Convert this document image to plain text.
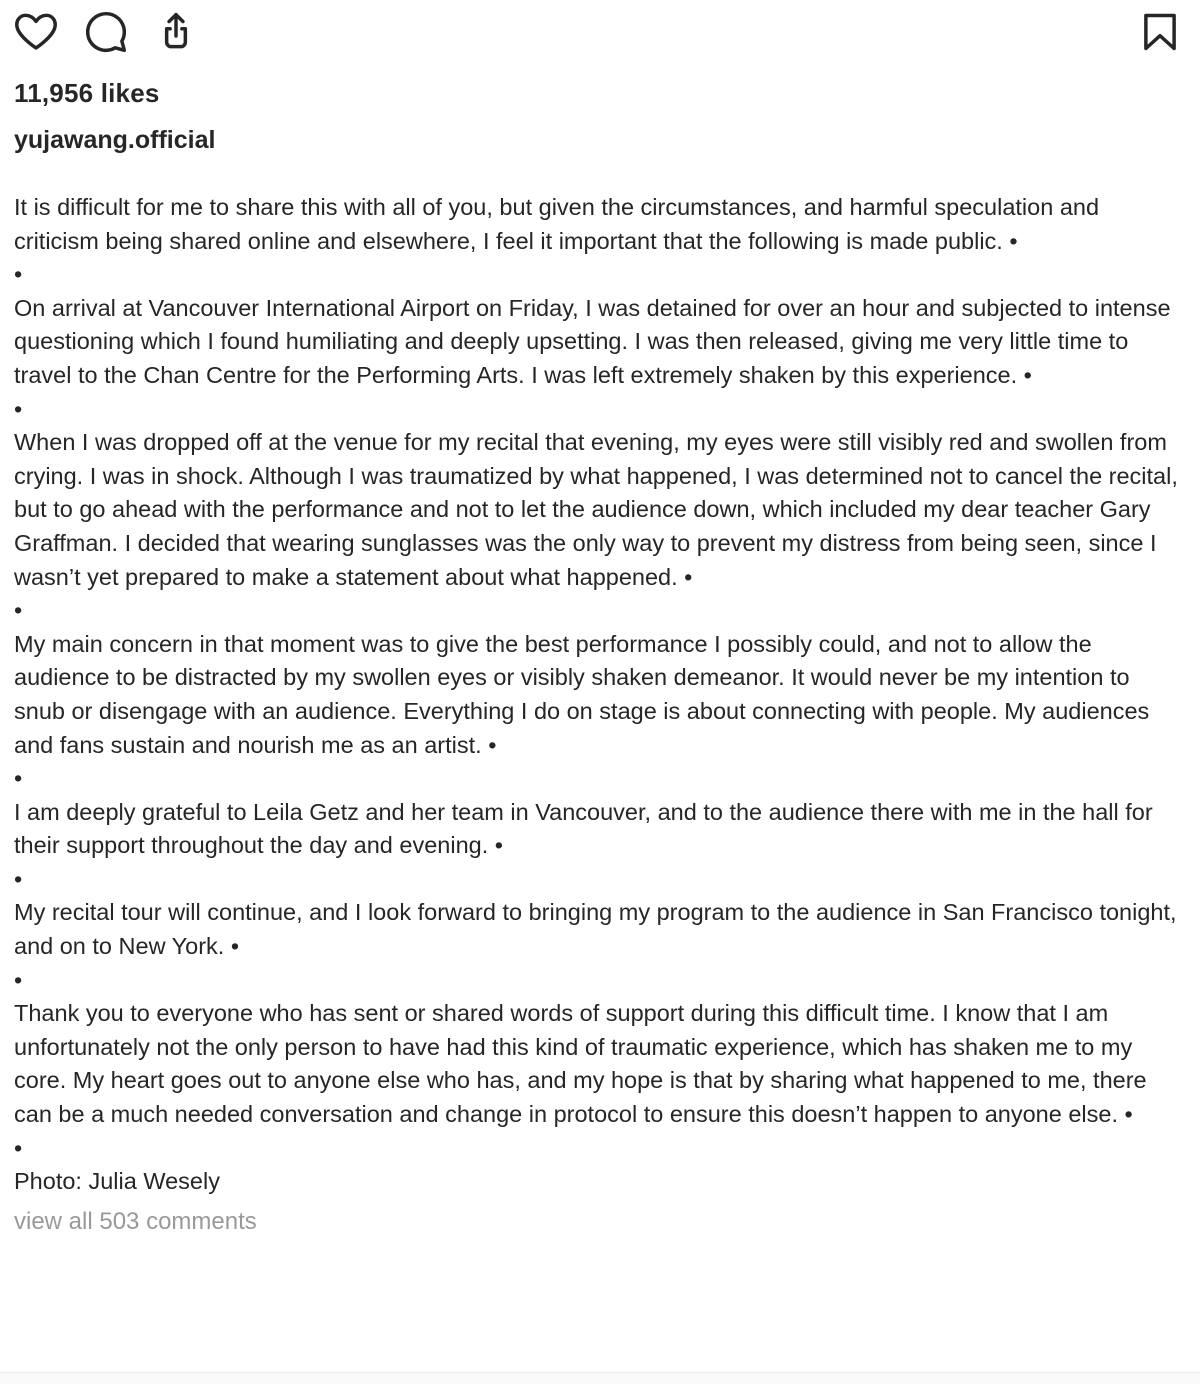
11,956 likes
yujawang.official
It is difficult for me to share this with all of you, but given the circumstances, and harmful speculation and criticism being shared online and elsewhere, I feel it important that the following is made public. •
•
On arrival at Vancouver International Airport on Friday, I was detained for over an hour and subjected to intense questioning which I found humiliating and deeply upsetting. I was then released, giving me very little time to travel to the Chan Centre for the Performing Arts. I was left extremely shaken by this experience. •
•
When I was dropped off at the venue for my recital that evening, my eyes were still visibly red and swollen from crying. I was in shock. Although I was traumatized by what happened, I was determined not to cancel the recital, but to go ahead with the performance and not to let the audience down, which included my dear teacher Gary Graffman. I decided that wearing sunglasses was the only way to prevent my distress from being seen, since I wasn’t yet prepared to make a statement about what happened. •
•
My main concern in that moment was to give the best performance I possibly could, and not to allow the audience to be distracted by my swollen eyes or visibly shaken demeanor. It would never be my intention to snub or disengage with an audience. Everything I do on stage is about connecting with people. My audiences and fans sustain and nourish me as an artist. •
•
I am deeply grateful to Leila Getz and her team in Vancouver, and to the audience there with me in the hall for their support throughout the day and evening. •
•
My recital tour will continue, and I look forward to bringing my program to the audience in San Francisco tonight, and on to New York. •
•
Thank you to everyone who has sent or shared words of support during this difficult time. I know that I am unfortunately not the only person to have had this kind of traumatic experience, which has shaken me to my core. My heart goes out to anyone else who has, and my hope is that by sharing what happened to me, there can be a much needed conversation and change in protocol to ensure this doesn’t happen to anyone else. •
•
Photo: Julia Wesely
view all 503 comments
